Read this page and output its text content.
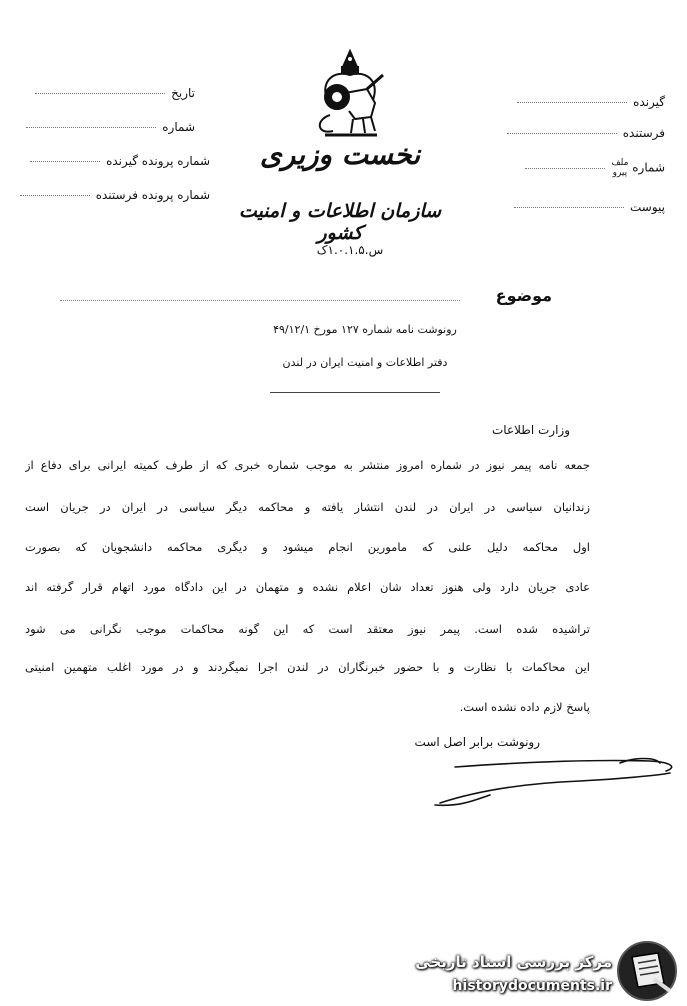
تاریخ
شماره
شماره پرونده گیرنده
شماره پرونده فرستنده
گیرنده
فرستنده
شماره ملف
پیرو
پیوست
نخست وزیری
سازمان اطلاعات و امنیت کشور
س.۱.۰.۱.۵ک
موضوع
رونوشت نامه شماره ۱۲۷ مورخ ۴۹/۱۲/۱
دفتر اطلاعات و امنیت ایران در لندن
وزارت اطلاعات
جمعه نامه پیمر نیوز در شماره امروز منتشر به موجب شماره خبری که از طرف کمیته ایرانی برای دفاع از
زندانیان سیاسی در ایران در لندن انتشار یافته و محاکمه دیگر سیاسی در ایران در جریان است
اول محاکمه دلیل علنی که مامورین انجام میشود و دیگری محاکمه دانشجویان که بصورت
عادی جریان دارد ولی هنوز تعداد شان اعلام نشده و متهمان در این دادگاه مورد اتهام قرار گرفته اند
تراشیده شده است. پیمر نیوز معتقد است که این گونه محاکمات موجب نگرانی می شود
این محاکمات با نظارت و با حضور خبرنگاران در لندن اجرا نمیگردند و در مورد اغلب متهمین امنیتی
پاسخ لازم داده نشده است.
رونوشت برابر اصل است
مرکز بررسی اسناد تاریخی
historydocuments.ir
